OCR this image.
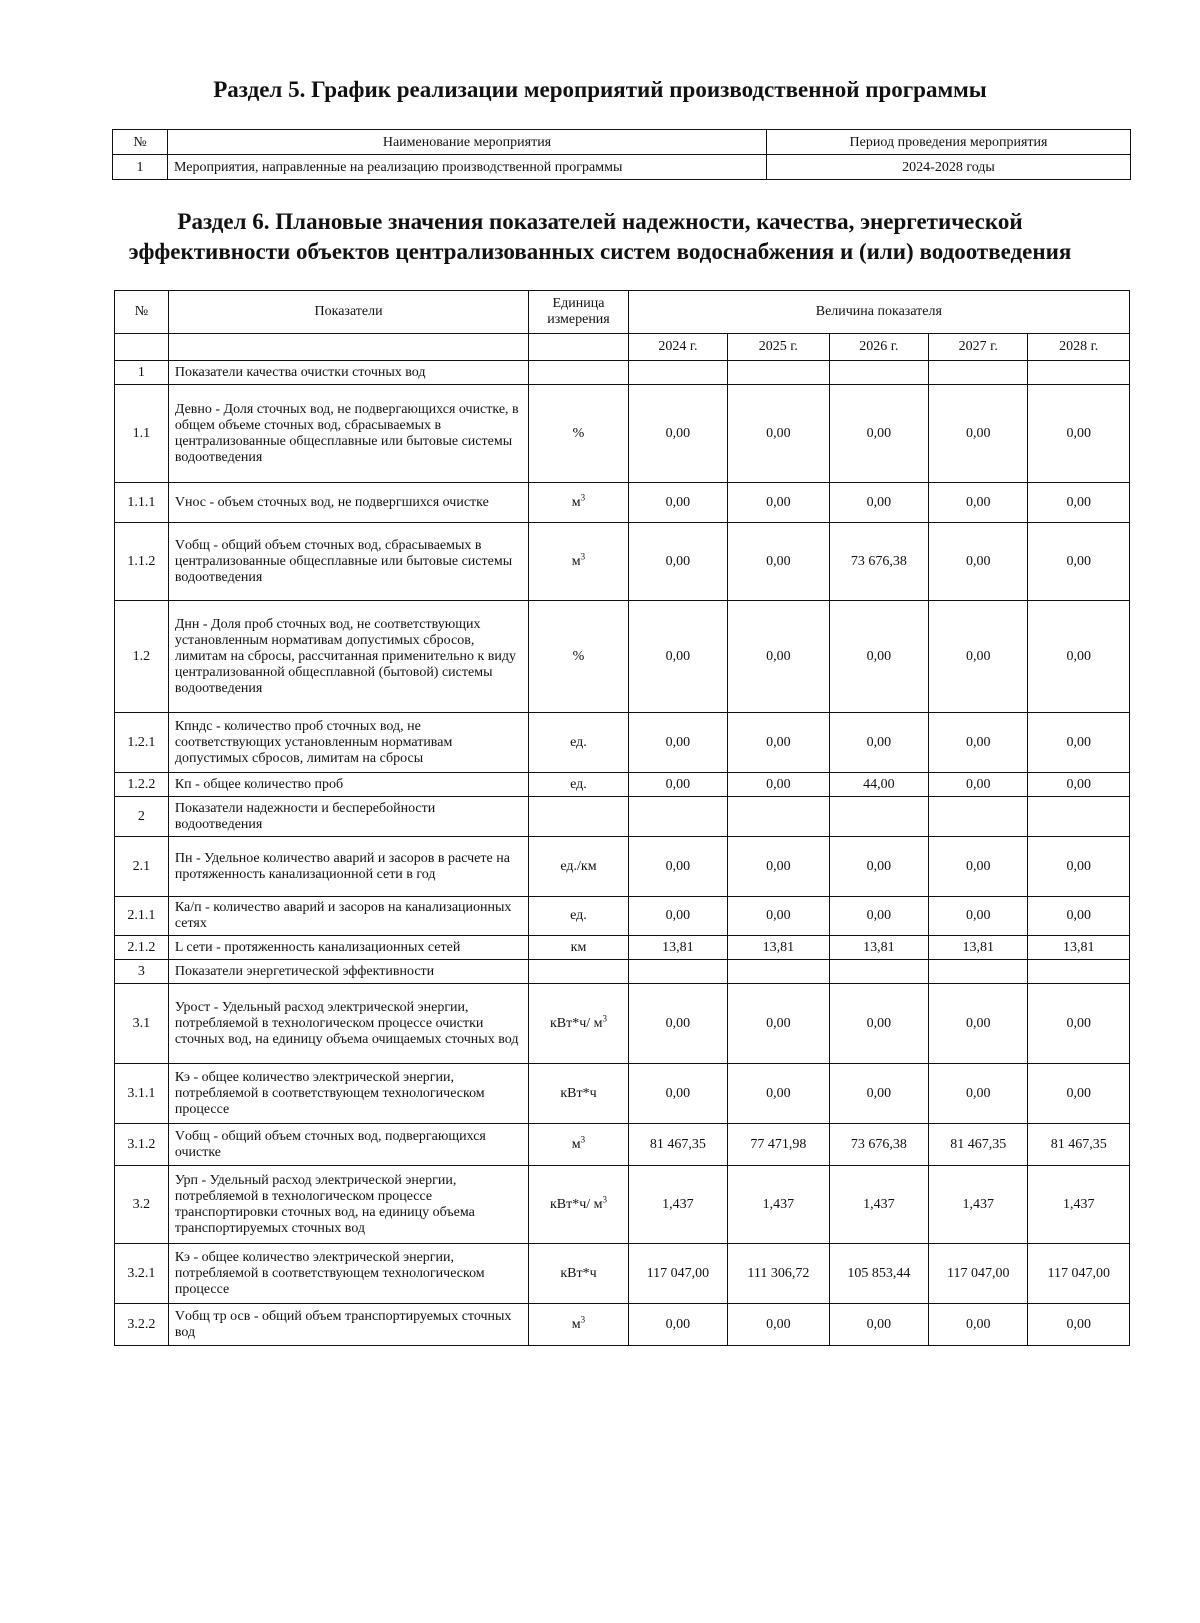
Раздел 5. График реализации мероприятий производственной программы
№	Наименование мероприятия	Период проведения мероприятия
1	Мероприятия, направленные на реализацию производственной программы	2024-2028 годы
Раздел 6. Плановые значения показателей надежности, качества, энергетической
эффективности объектов централизованных систем водоснабжения и (или) водоотведения
№	Показатели	Единица измерения	Величина показателя				
			2024 г.	2025 г.	2026 г.	2027 г.	2028 г.
1	Показатели качества очистки сточных вод						
1.1	Девно - Доля сточных вод, не подвергающихся очистке, в общем объеме сточных вод, сбрасываемых в централизованные общесплавные или бытовые системы водоотведения	%	0,00	0,00	0,00	0,00	0,00
1.1.1	Vнос - объем сточных вод, не подвергшихся очистке	$м^3$	0,00	0,00	0,00	0,00	0,00
1.1.2	Vобщ - общий объем сточных вод, сбрасываемых в централизованные общесплавные или бытовые системы водоотведения	$м^3$	0,00	0,00	73 676,38	0,00	0,00
1.2	Днн - Доля проб сточных вод, не соответствующих установленным нормативам допустимых сбросов, лимитам на сбросы, рассчитанная применительно к виду централизованной общесплавной (бытовой) системы водоотведения	%	0,00	0,00	0,00	0,00	0,00
1.2.1	Кпндс - количество проб сточных вод, не соответствующих установленным нормативам допустимых сбросов, лимитам на сбросы	ед.	0,00	0,00	0,00	0,00	0,00
1.2.2	Кп - общее количество проб	ед.	0,00	0,00	44,00	0,00	0,00
2	Показатели надежности и бесперебойности водоотведения						
2.1	Пн - Удельное количество аварий и засоров в расчете на протяженность канализационной сети в год	ед./км	0,00	0,00	0,00	0,00	0,00
2.1.1	Ка/п - количество аварий и засоров на канализационных сетях	ед.	0,00	0,00	0,00	0,00	0,00
2.1.2	L сети - протяженность канализационных сетей	км	13,81	13,81	13,81	13,81	13,81
3	Показатели энергетической эффективности						
3.1	Урост - Удельный расход электрической энергии, потребляемой в технологическом процессе очистки сточных вод, на единицу объема очищаемых сточных вод	кВт*ч/ $м^3$	0,00	0,00	0,00	0,00	0,00
3.1.1	Кэ - общее количество электрической энергии, потребляемой в соответствующем технологическом процессе	кВт*ч	0,00	0,00	0,00	0,00	0,00
3.1.2	Vобщ - общий объем сточных вод, подвергающихся очистке	$м^3$	81 467,35	77 471,98	73 676,38	81 467,35	81 467,35
3.2	Урп - Удельный расход электрической энергии, потребляемой в технологическом процессе транспортировки сточных вод, на единицу объема транспортируемых сточных вод	кВт*ч/ $м^3$	1,437	1,437	1,437	1,437	1,437
3.2.1	Кэ - общее количество электрической энергии, потребляемой в соответствующем технологическом процессе	кВт*ч	117 047,00	111 306,72	105 853,44	117 047,00	117 047,00
3.2.2	Vобщ тр осв - общий объем транспортируемых сточных вод	$м^3$	0,00	0,00	0,00	0,00	0,00
